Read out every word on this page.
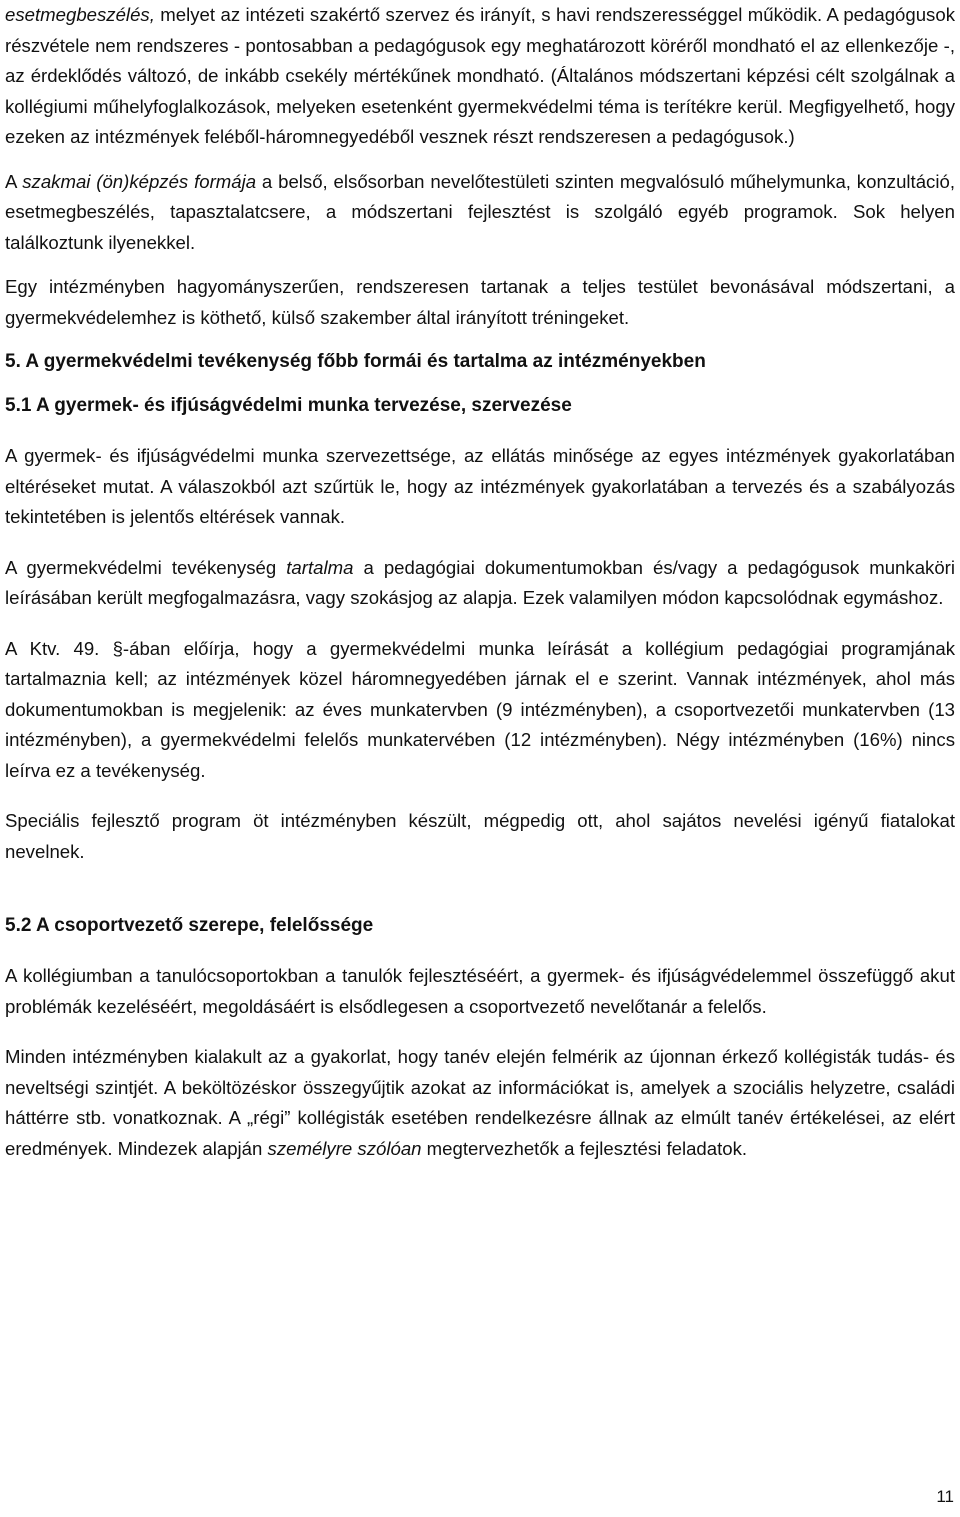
esetmegbeszélés, melyet az intézeti szakértő szervez és irányít, s havi rendszerességgel működik. A pedagógusok részvétele nem rendszeres - pontosabban a pedagógusok egy meghatározott köréről mondható el az ellenkezője -, az érdeklődés változó, de inkább csekély mértékűnek mondható. (Általános módszertani képzési célt szolgálnak a kollégiumi műhelyfoglalkozások, melyeken esetenként gyermekvédelmi téma is terítékre kerül. Megfigyelhető, hogy ezeken az intézmények feléből-háromnegyedéből vesznek részt rendszeresen a pedagógusok.)

A szakmai (ön)képzés formája a belső, elsősorban nevelőtestületi szinten megvalósuló műhelymunka, konzultáció, esetmegbeszélés, tapasztalatcsere, a módszertani fejlesztést is szolgáló egyéb programok. Sok helyen találkoztunk ilyenekkel.

Egy intézményben hagyományszerűen, rendszeresen tartanak a teljes testület bevonásával módszertani, a gyermekvédelemhez is köthető, külső szakember által irányított tréningeket.

5. A gyermekvédelmi tevékenység főbb formái és tartalma az intézményekben
5.1 A gyermek- és ifjúságvédelmi munka tervezése, szervezése

A gyermek- és ifjúságvédelmi munka szervezettsége, az ellátás minősége az egyes intézmények gyakorlatában eltéréseket mutat. A válaszokból azt szűrtük le, hogy az intézmények gyakorlatában a tervezés és a szabályozás tekintetében is jelentős eltérések vannak.

A gyermekvédelmi tevékenység tartalma a pedagógiai dokumentumokban és/vagy a pedagógusok munkaköri leírásában került megfogalmazásra, vagy szokásjog az alapja. Ezek valamilyen módon kapcsolódnak egymáshoz.

A Ktv. 49. §-ában előírja, hogy a gyermekvédelmi munka leírását a kollégium pedagógiai programjának tartalmaznia kell; az intézmények közel háromnegyedében járnak el e szerint. Vannak intézmények, ahol más dokumentumokban is megjelenik: az éves munkatervben (9 intézményben), a csoportvezetői munkatervben (13 intézményben), a gyermekvédelmi felelős munkatervében (12 intézményben). Négy intézményben (16%) nincs leírva ez a tevékenység.

Speciális fejlesztő program öt intézményben készült, mégpedig ott, ahol sajátos nevelési igényű fiatalokat nevelnek.

5.2 A csoportvezető szerepe, felelőssége

A kollégiumban a tanulócsoportokban a tanulók fejlesztéséért, a gyermek- és ifjúságvédelemmel összefüggő akut problémák kezeléséért, megoldásáért is elsődlegesen a csoportvezető nevelőtanár a felelős.

Minden intézményben kialakult az a gyakorlat, hogy tanév elején felmérik az újonnan érkező kollégisták tudás- és neveltségi szintjét. A beköltözéskor összegyűjtik azokat az információkat is, amelyek a szociális helyzetre, családi háttérre stb. vonatkoznak. A „régi” kollégisták esetében rendelkezésre állnak az elmúlt tanév értékelései, az elért eredmények. Mindezek alapján személyre szólóan megtervezhetők a fejlesztési feladatok.

11
